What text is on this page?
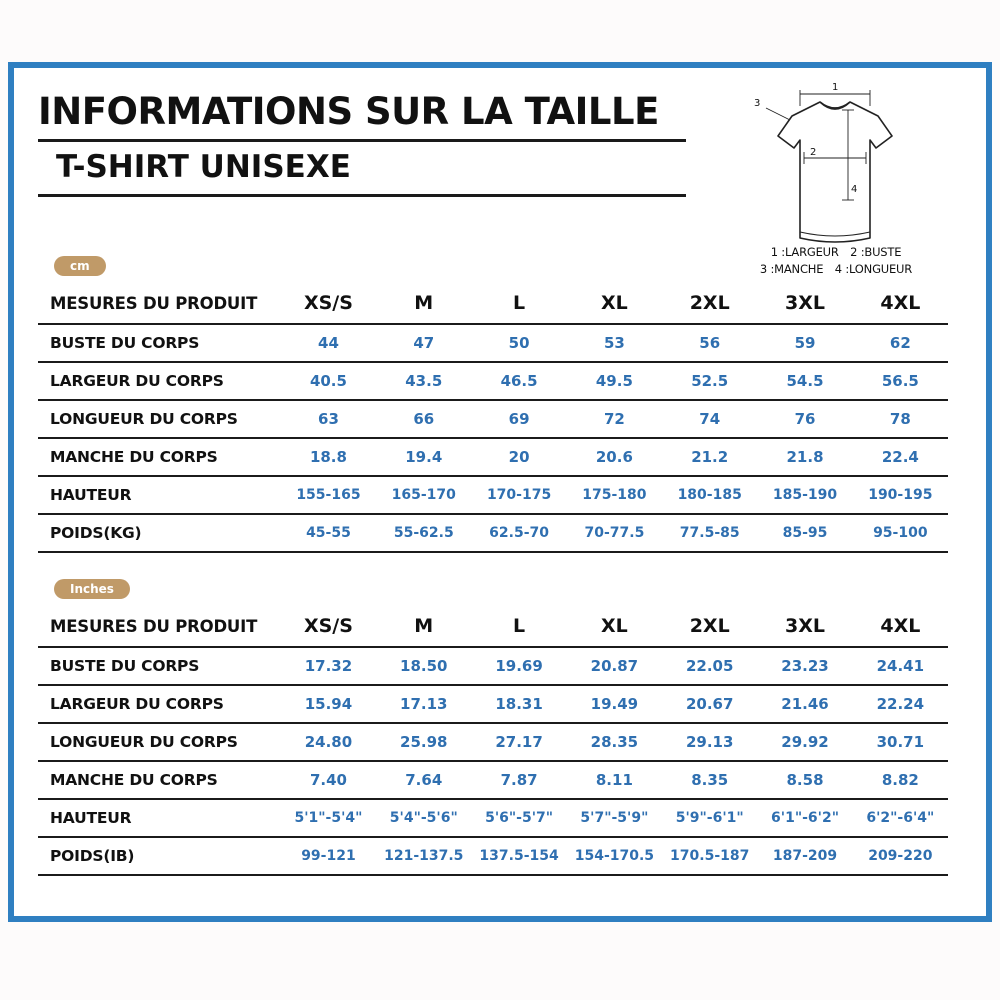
INFORMATIONS SUR LA TAILLE
T-SHIRT UNISEXE
1
3
2
4
1 :LARGEUR 2 :BUSTE
3 :MANCHE 4 :LONGUEUR
cm
MESURES DU PRODUIT	XS/S	M	L	XL	2XL	3XL	4XL
BUSTE DU CORPS	44	47	50	53	56	59	62
LARGEUR DU CORPS	40.5	43.5	46.5	49.5	52.5	54.5	56.5
LONGUEUR DU CORPS	63	66	69	72	74	76	78
MANCHE DU CORPS	18.8	19.4	20	20.6	21.2	21.8	22.4
HAUTEUR	155-165	165-170	170-175	175-180	180-185	185-190	190-195
POIDS(KG)	45-55	55-62.5	62.5-70	70-77.5	77.5-85	85-95	95-100
Inches
MESURES DU PRODUIT	XS/S	M	L	XL	2XL	3XL	4XL
BUSTE DU CORPS	17.32	18.50	19.69	20.87	22.05	23.23	24.41
LARGEUR DU CORPS	15.94	17.13	18.31	19.49	20.67	21.46	22.24
LONGUEUR DU CORPS	24.80	25.98	27.17	28.35	29.13	29.92	30.71
MANCHE DU CORPS	7.40	7.64	7.87	8.11	8.35	8.58	8.82
HAUTEUR	5'1"-5'4"	5'4"-5'6"	5'6"-5'7"	5'7"-5'9"	5'9"-6'1"	6'1"-6'2"	6'2"-6'4"
POIDS(IB)	99-121	121-137.5	137.5-154	154-170.5	170.5-187	187-209	209-220
